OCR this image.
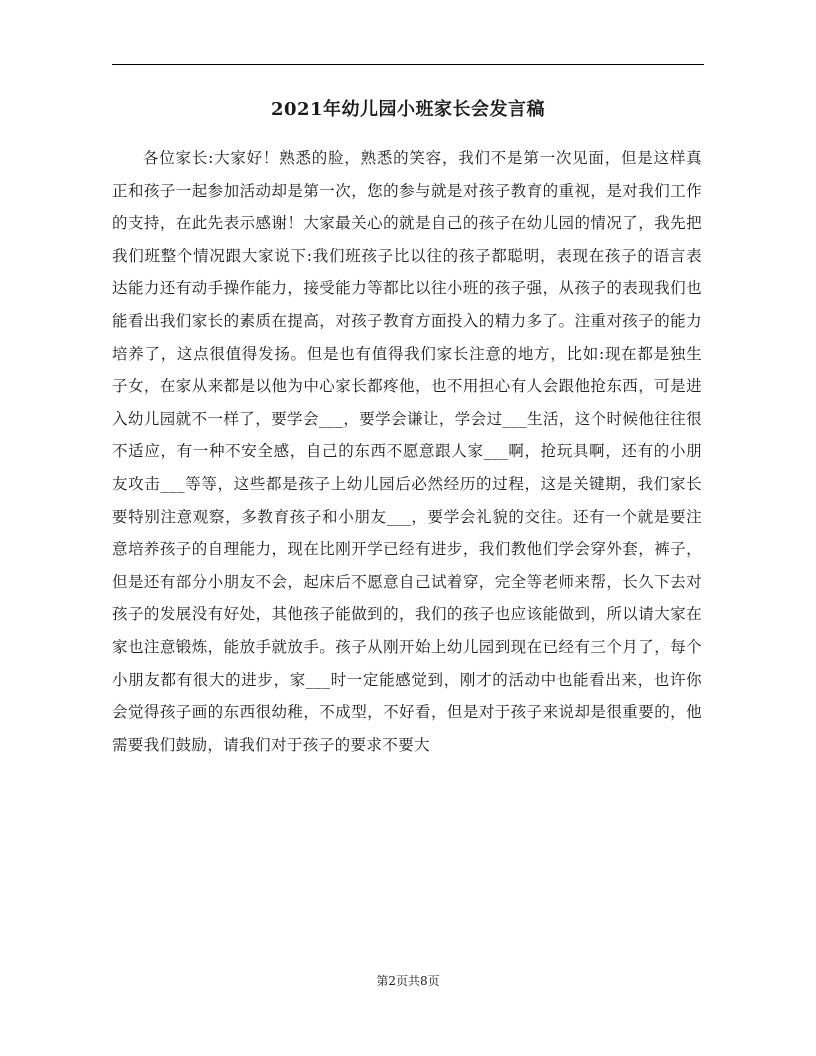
2021年幼儿园小班家长会发言稿

各位家长:大家好！熟悉的脸，熟悉的笑容，我们不是第一次见面，但是这样真正和孩子一起参加活动却是第一次，您的参与就是对孩子教育的重视，是对我们工作的支持，在此先表示感谢！大家最关心的就是自己的孩子在幼儿园的情况了，我先把我们班整个情况跟大家说下:我们班孩子比以往的孩子都聪明，表现在孩子的语言表达能力还有动手操作能力，接受能力等都比以往小班的孩子强，从孩子的表现我们也能看出我们家长的素质在提高，对孩子教育方面投入的精力多了。注重对孩子的能力培养了，这点很值得发扬。但是也有值得我们家长注意的地方，比如:现在都是独生子女，在家从来都是以他为中心家长都疼他，也不用担心有人会跟他抢东西，可是进入幼儿园就不一样了，要学会___，要学会谦让，学会过___生活，这个时候他往往很不适应，有一种不安全感，自己的东西不愿意跟人家___啊，抢玩具啊，还有的小朋友攻击___等等，这些都是孩子上幼儿园后必然经历的过程，这是关键期，我们家长要特别注意观察，多教育孩子和小朋友___，要学会礼貌的交往。还有一个就是要注意培养孩子的自理能力，现在比刚开学已经有进步，我们教他们学会穿外套，裤子，但是还有部分小朋友不会，起床后不愿意自己试着穿，完全等老师来帮，长久下去对孩子的发展没有好处，其他孩子能做到的，我们的孩子也应该能做到，所以请大家在家也注意锻炼，能放手就放手。孩子从刚开始上幼儿园到现在已经有三个月了，每个小朋友都有很大的进步，家___时一定能感觉到，刚才的活动中也能看出来，也许你会觉得孩子画的东西很幼稚，不成型，不好看，但是对于孩子来说却是很重要的，他需要我们鼓励，请我们对于孩子的要求不要大

第2页共8页
